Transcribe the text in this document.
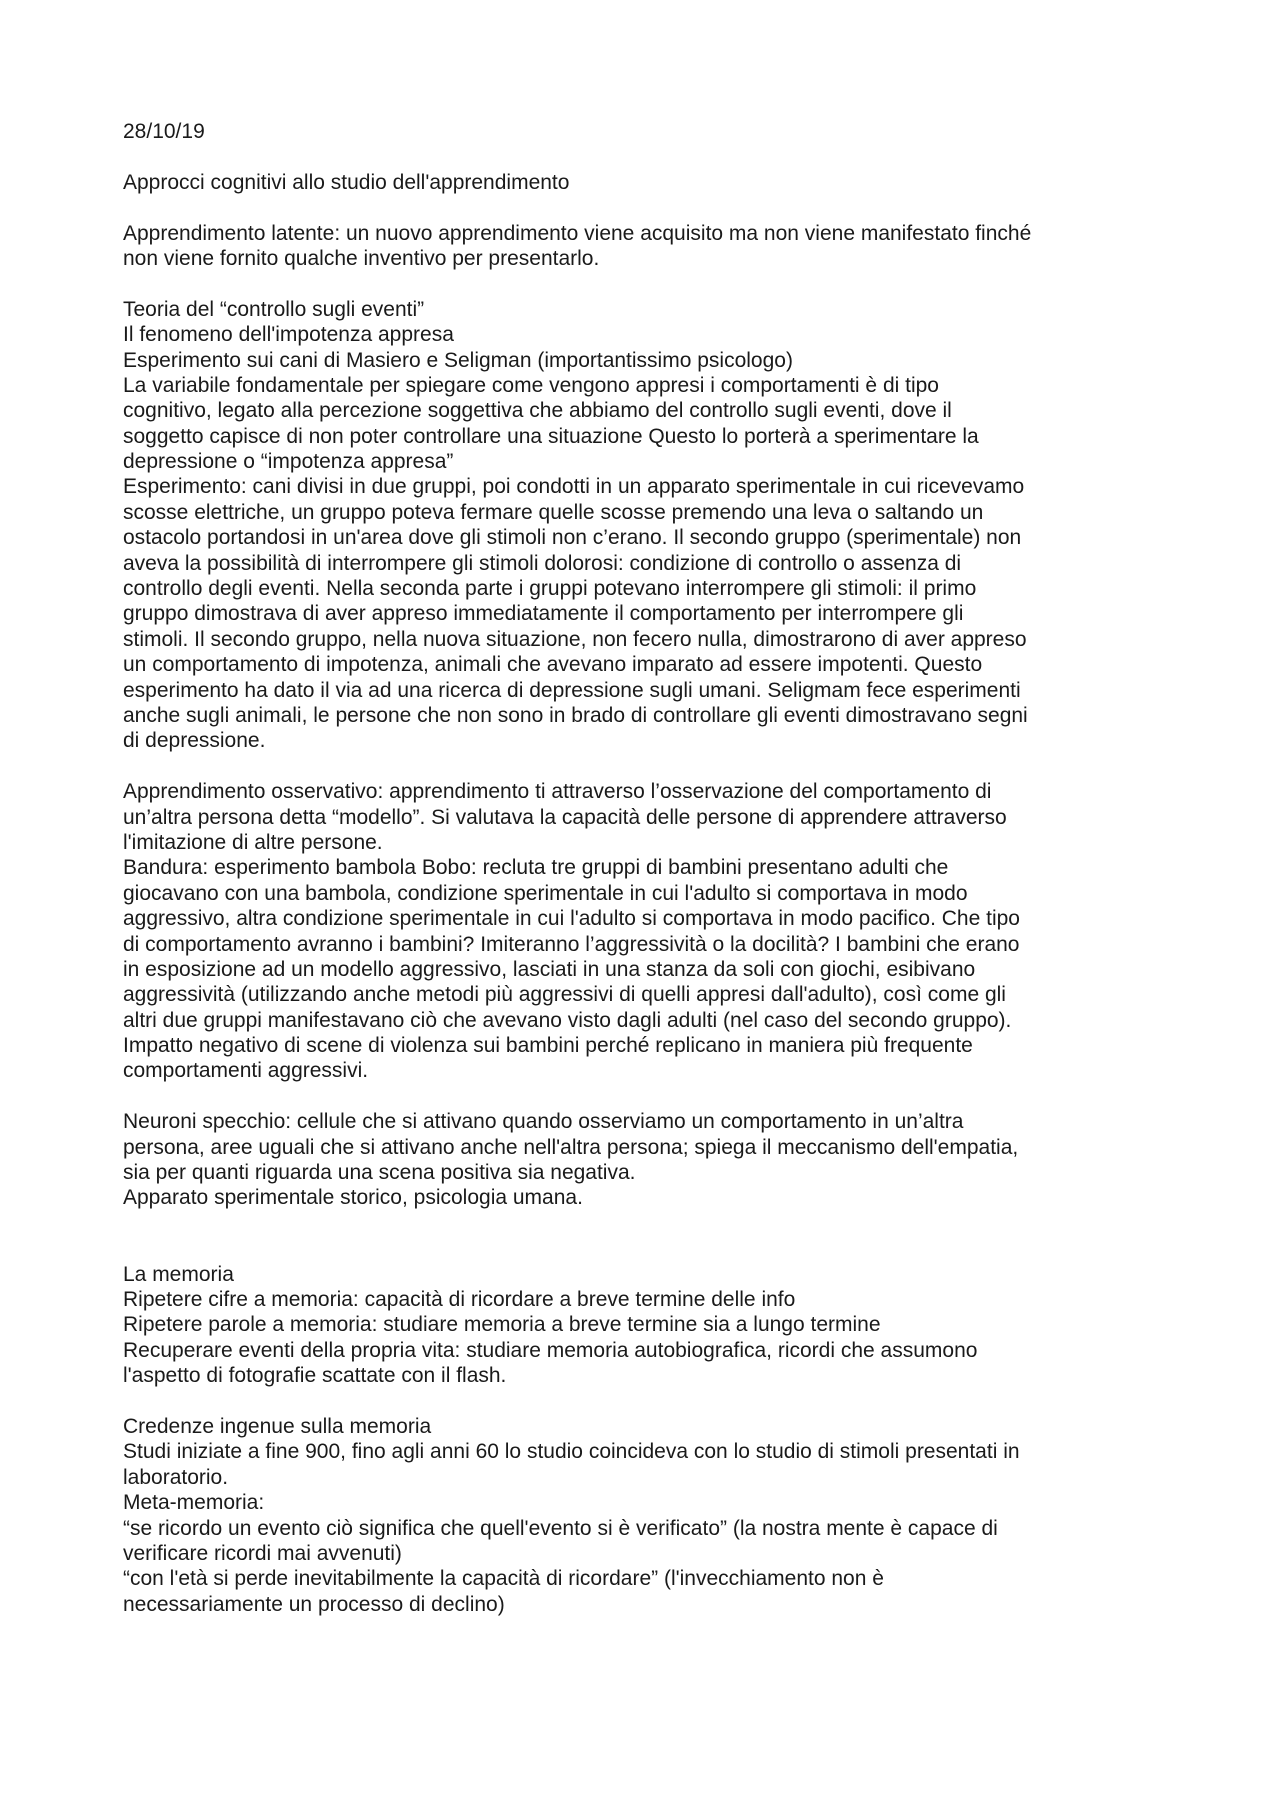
28/10/19
Approcci cognitivi allo studio dell'apprendimento
Apprendimento latente: un nuovo apprendimento viene acquisito ma non viene manifestato finché
non viene fornito qualche inventivo per presentarlo.
Teoria del “controllo sugli eventi”
Il fenomeno dell'impotenza appresa
Esperimento sui cani di Masiero e Seligman (importantissimo psicologo)
La variabile fondamentale per spiegare come vengono appresi i comportamenti è di tipo
cognitivo, legato alla percezione soggettiva che abbiamo del controllo sugli eventi, dove il
soggetto capisce di non poter controllare una situazione Questo lo porterà a sperimentare la
depressione o “impotenza appresa”
Esperimento: cani divisi in due gruppi, poi condotti in un apparato sperimentale in cui ricevevamo
scosse elettriche, un gruppo poteva fermare quelle scosse premendo una leva o saltando un
ostacolo portandosi in un'area dove gli stimoli non c’erano. Il secondo gruppo (sperimentale) non
aveva la possibilità di interrompere gli stimoli dolorosi: condizione di controllo o assenza di
controllo degli eventi. Nella seconda parte i gruppi potevano interrompere gli stimoli: il primo
gruppo dimostrava di aver appreso immediatamente il comportamento per interrompere gli
stimoli. Il secondo gruppo, nella nuova situazione, non fecero nulla, dimostrarono di aver appreso
un comportamento di impotenza, animali che avevano imparato ad essere impotenti. Questo
esperimento ha dato il via ad una ricerca di depressione sugli umani. Seligmam fece esperimenti
anche sugli animali, le persone che non sono in brado di controllare gli eventi dimostravano segni
di depressione.
Apprendimento osservativo: apprendimento ti attraverso l’osservazione del comportamento di
un’altra persona detta “modello”. Si valutava la capacità delle persone di apprendere attraverso
l'imitazione di altre persone.
Bandura: esperimento bambola Bobo: recluta tre gruppi di bambini presentano adulti che
giocavano con una bambola, condizione sperimentale in cui l'adulto si comportava in modo
aggressivo, altra condizione sperimentale in cui l'adulto si comportava in modo pacifico. Che tipo
di comportamento avranno i bambini? Imiteranno l’aggressività o la docilità? I bambini che erano
in esposizione ad un modello aggressivo, lasciati in una stanza da soli con giochi, esibivano
aggressività (utilizzando anche metodi più aggressivi di quelli appresi dall'adulto), così come gli
altri due gruppi manifestavano ciò che avevano visto dagli adulti (nel caso del secondo gruppo).
Impatto negativo di scene di violenza sui bambini perché replicano in maniera più frequente
comportamenti aggressivi.
Neuroni specchio: cellule che si attivano quando osserviamo un comportamento in un’altra
persona, aree uguali che si attivano anche nell'altra persona; spiega il meccanismo dell'empatia,
sia per quanti riguarda una scena positiva sia negativa.
Apparato sperimentale storico, psicologia umana.
La memoria
Ripetere cifre a memoria: capacità di ricordare a breve termine delle info
Ripetere parole a memoria: studiare memoria a breve termine sia a lungo termine
Recuperare eventi della propria vita: studiare memoria autobiografica, ricordi che assumono
l'aspetto di fotografie scattate con il flash.
Credenze ingenue sulla memoria
Studi iniziate a fine 900, fino agli anni 60 lo studio coincideva con lo studio di stimoli presentati in
laboratorio.
Meta-memoria:
“se ricordo un evento ciò significa che quell'evento si è verificato” (la nostra mente è capace di
verificare ricordi mai avvenuti)
“con l'età si perde inevitabilmente la capacità di ricordare” (l'invecchiamento non è
necessariamente un processo di declino)
